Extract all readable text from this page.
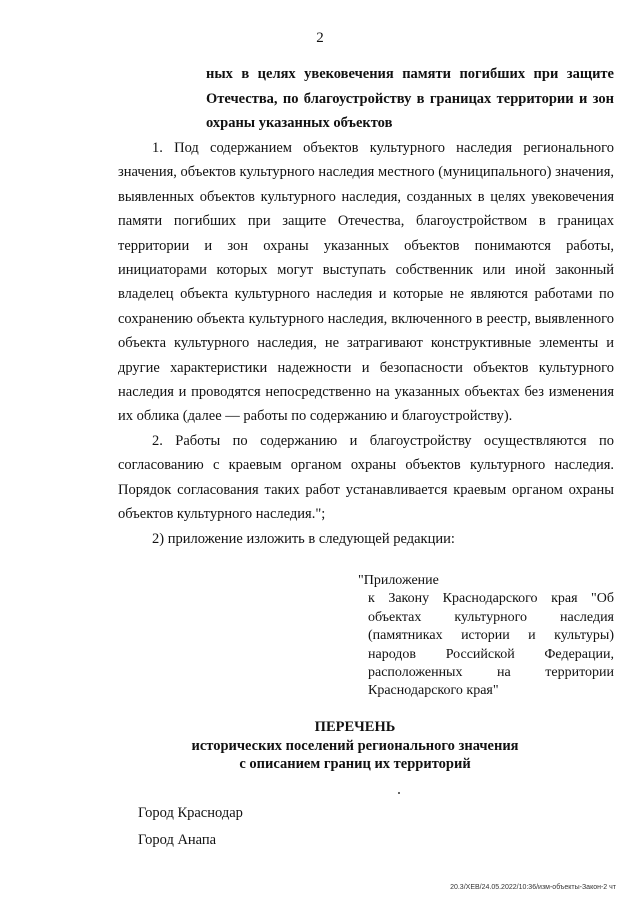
2
ных в целях увековечения памяти погибших при защите Отечества, по благоустройству в границах территории и зон охраны указанных объектов

1. Под содержанием объектов культурного наследия регионального значения, объектов культурного наследия местного (муниципального) значения, выявленных объектов культурного наследия, созданных в целях увековечения памяти погибших при защите Отечества, благоустройством в границах территории и зон охраны указанных объектов понимаются работы, инициаторами которых могут выступать собственник или иной законный владелец объекта культурного наследия и которые не являются работами по сохранению объекта культурного наследия, включенного в реестр, выявленного объекта культурного наследия, не затрагивают конструктивные элементы и другие характеристики надежности и безопасности объектов культурного наследия и проводятся непосредственно на указанных объектах без изменения их облика (далее — работы по содержанию и благоустройству).

2. Работы по содержанию и благоустройству осуществляются по согласованию с краевым органом охраны объектов культурного наследия. Порядок согласования таких работ устанавливается краевым органом охраны объектов культурного наследия.";

2) приложение изложить в следующей редакции:

"Приложение
к Закону Краснодарского края "Об объектах культурного наследия (памятниках истории и культуры) народов Российской Федерации, расположенных на территории Краснодарского края"
ПЕРЕЧЕНЬ
исторических поселений регионального значения
с описанием границ их территорий
Город Краснодар
Город Анапа
20.3/ХЕВ/24.05.2022/10:36/изм-объекты-Закон-2 чт
